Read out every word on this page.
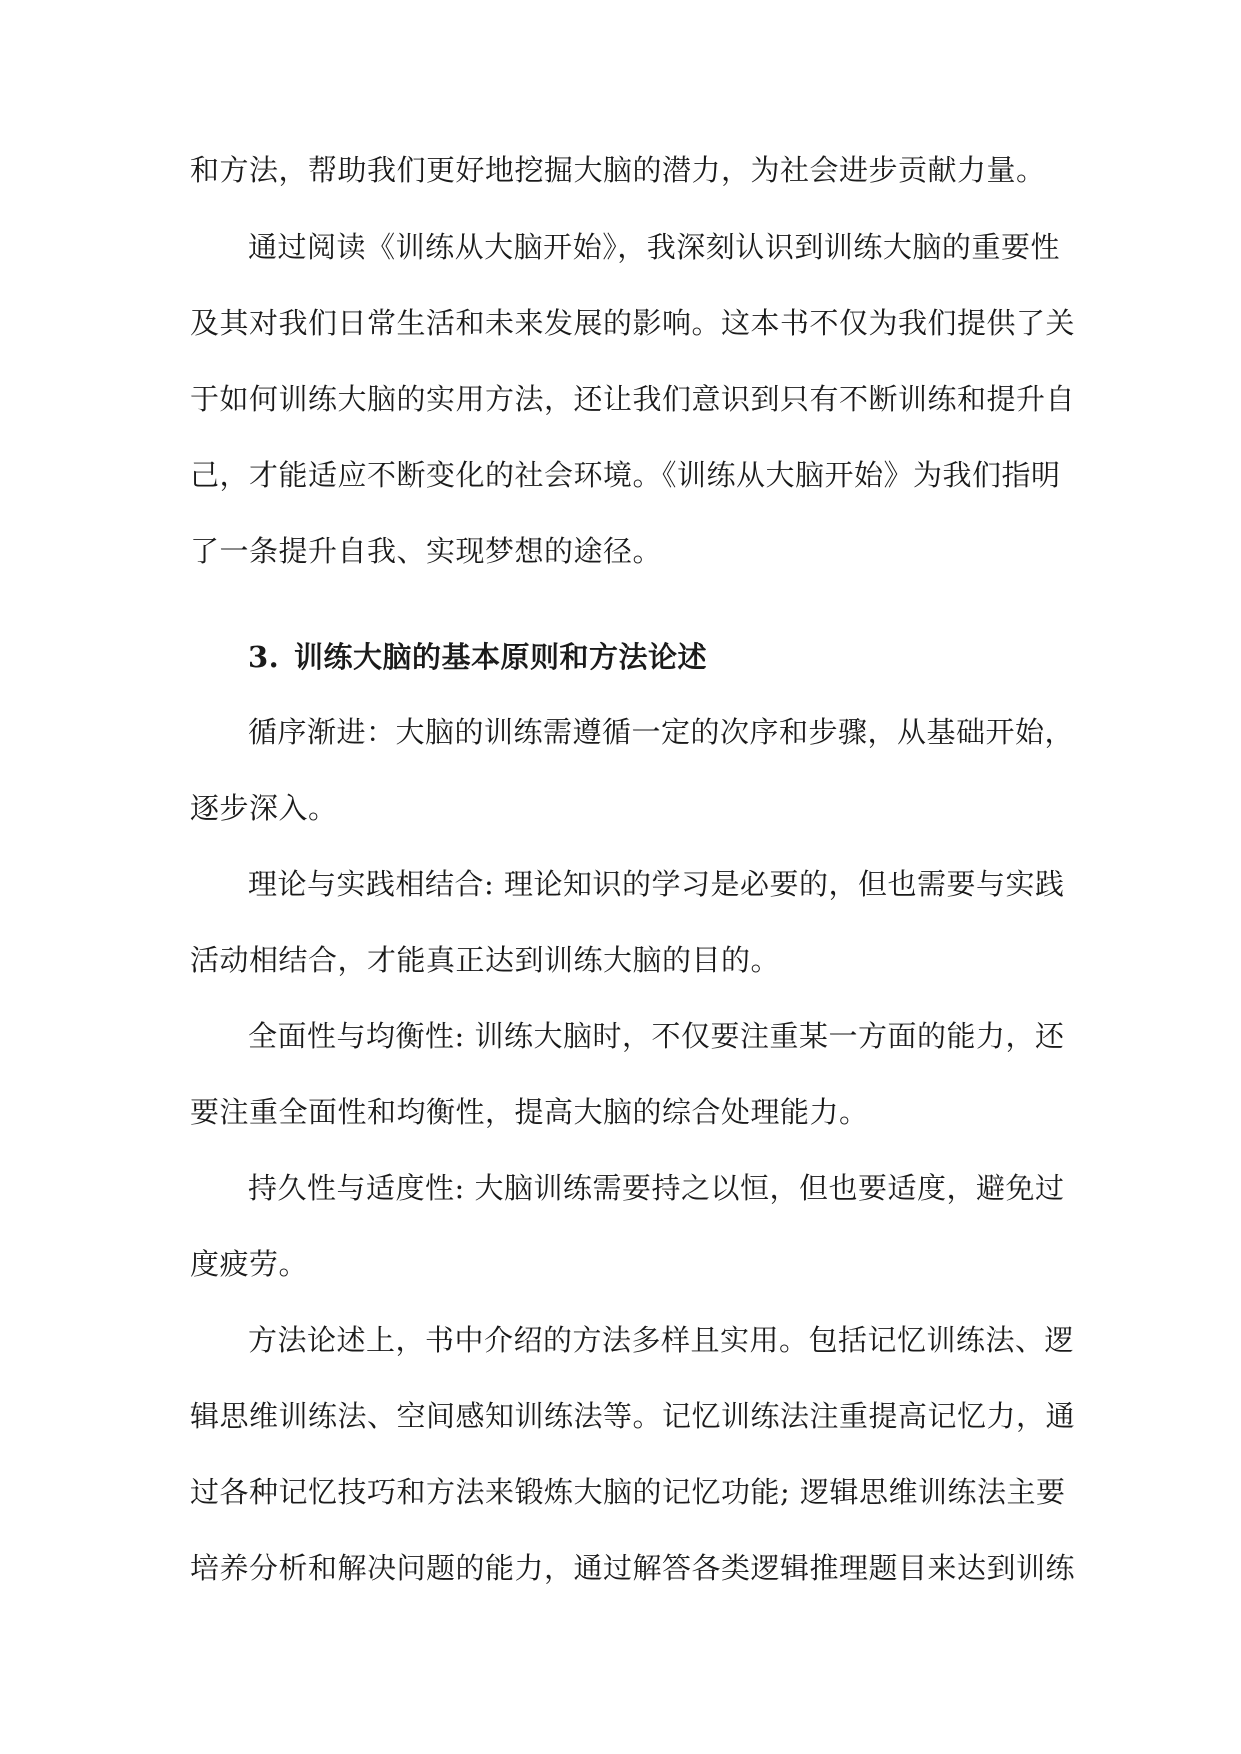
和方法，帮助我们更好地挖掘大脑的潜力，为社会进步贡献力量。
通过阅读《训练从大脑开始》，我深刻认识到训练大脑的重要性
及其对我们日常生活和未来发展的影响。这本书不仅为我们提供了关
于如何训练大脑的实用方法，还让我们意识到只有不断训练和提升自
己，才能适应不断变化的社会环境。《训练从大脑开始》为我们指明
了一条提升自我、实现梦想的途径。
3. 训练大脑的基本原则和方法论述
循序渐进：大脑的训练需遵循一定的次序和步骤，从基础开始，
逐步深入。
理论与实践相结合: 理论知识的学习是必要的，但也需要与实践
活动相结合，才能真正达到训练大脑的目的。
全面性与均衡性: 训练大脑时，不仅要注重某一方面的能力，还
要注重全面性和均衡性，提高大脑的综合处理能力。
持久性与适度性: 大脑训练需要持之以恒，但也要适度，避免过
度疲劳。
方法论述上，书中介绍的方法多样且实用。包括记忆训练法、逻
辑思维训练法、空间感知训练法等。记忆训练法注重提高记忆力，通
过各种记忆技巧和方法来锻炼大脑的记忆功能; 逻辑思维训练法主要
培养分析和解决问题的能力，通过解答各类逻辑推理题目来达到训练
